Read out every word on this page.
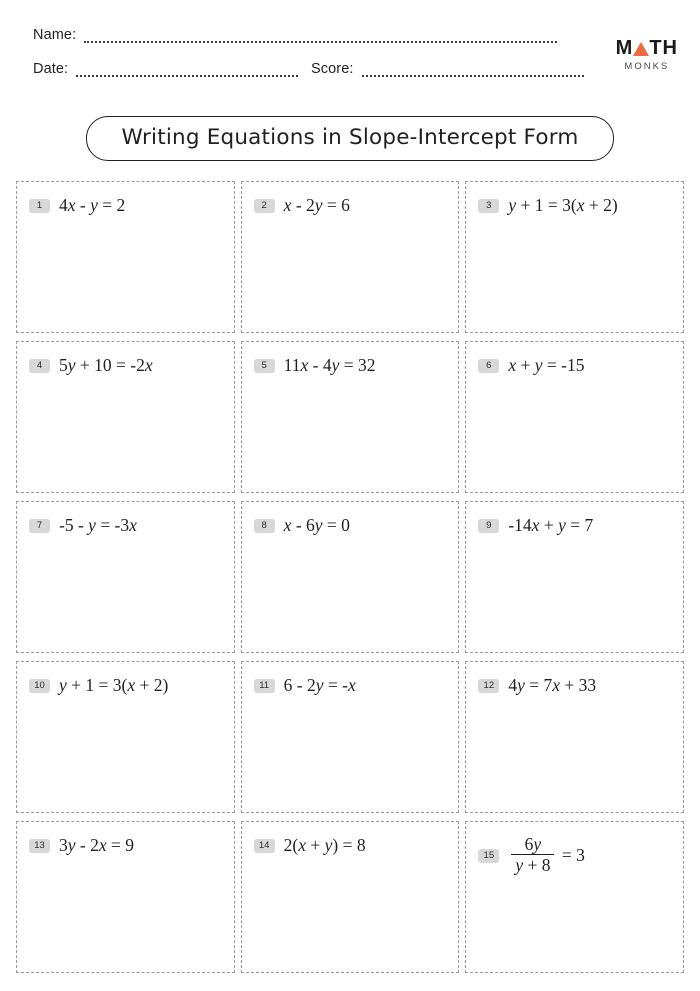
Name:
Date:	Score:
M TH
MONKS
Writing Equations in Slope-Intercept Form
1 4x - y = 2	2 x - 2y = 6	3 y + 1 = 3(x + 2)
4 5y + 10 = -2x	5 11x - 4y = 32	6 x + y = -15
7 -5 - y = -3x	8 x - 6y = 0	9 -14x + y = 7
10 y + 1 = 3(x + 2)	11 6 - 2y = -x	12 4y = 7x + 33
13 3y - 2x = 9	14 2(x + y) = 8
$15 \frac{6y}{y + 8} = 3$
